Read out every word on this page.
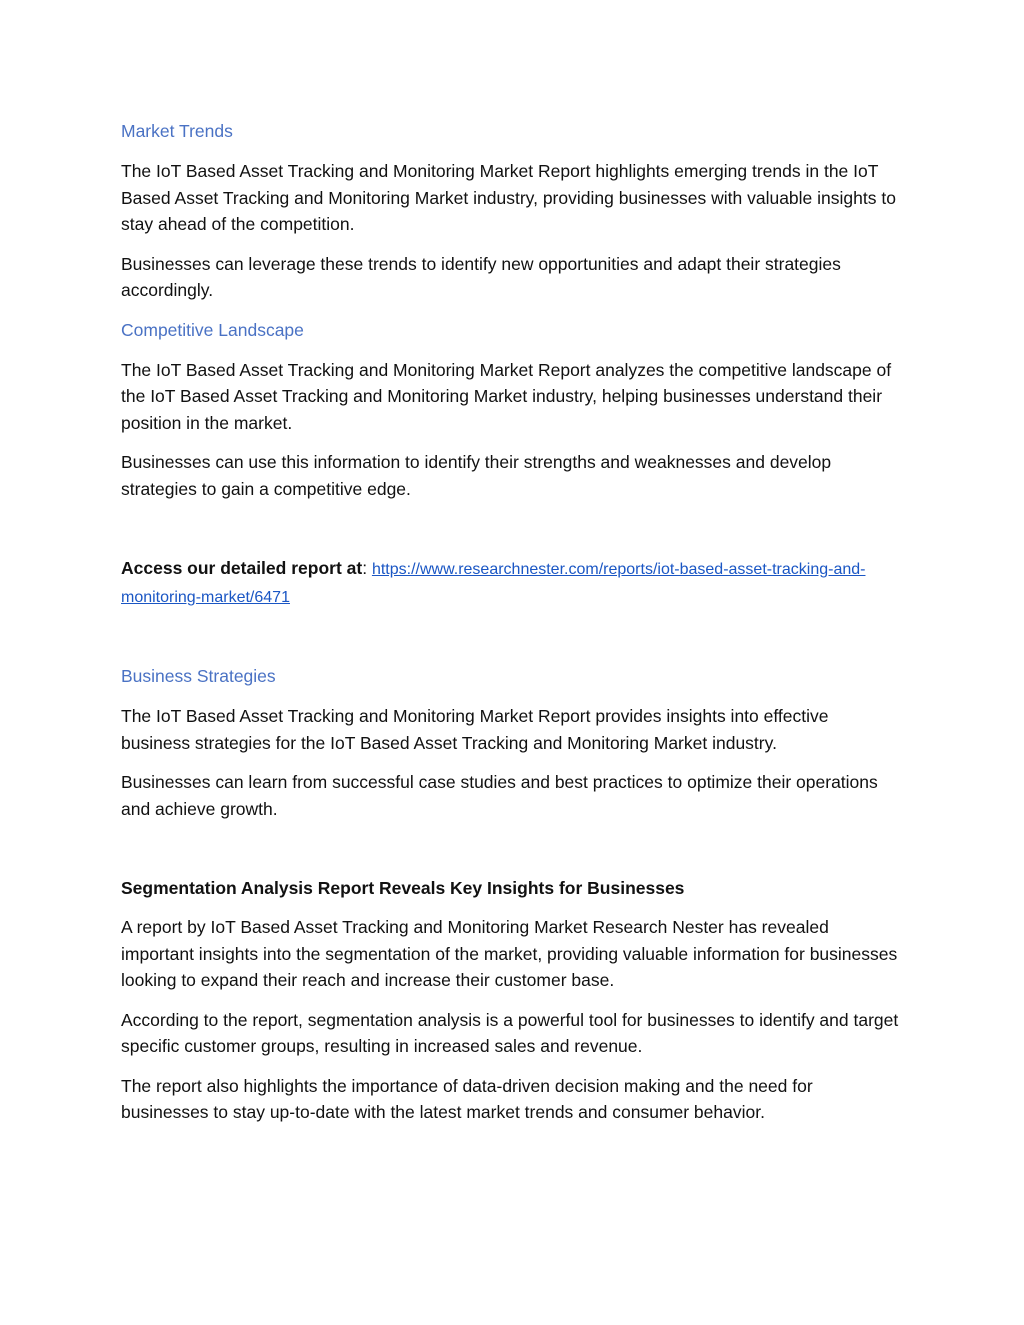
Market Trends

The IoT Based Asset Tracking and Monitoring Market Report highlights emerging trends in the IoT Based Asset Tracking and Monitoring Market industry, providing businesses with valuable insights to stay ahead of the competition.

Businesses can leverage these trends to identify new opportunities and adapt their strategies accordingly.

Competitive Landscape

The IoT Based Asset Tracking and Monitoring Market Report analyzes the competitive landscape of the IoT Based Asset Tracking and Monitoring Market industry, helping businesses understand their position in the market.

Businesses can use this information to identify their strengths and weaknesses and develop strategies to gain a competitive edge.

Access our detailed report at: https://www.researchnester.com/reports/iot-based-asset-tracking-and-monitoring-market/6471
Business Strategies

The IoT Based Asset Tracking and Monitoring Market Report provides insights into effective business strategies for the IoT Based Asset Tracking and Monitoring Market industry.

Businesses can learn from successful case studies and best practices to optimize their operations and achieve growth.

Segmentation Analysis Report Reveals Key Insights for Businesses

A report by IoT Based Asset Tracking and Monitoring Market Research Nester has revealed important insights into the segmentation of the market, providing valuable information for businesses looking to expand their reach and increase their customer base.

According to the report, segmentation analysis is a powerful tool for businesses to identify and target specific customer groups, resulting in increased sales and revenue.

The report also highlights the importance of data-driven decision making and the need for businesses to stay up-to-date with the latest market trends and consumer behavior.
